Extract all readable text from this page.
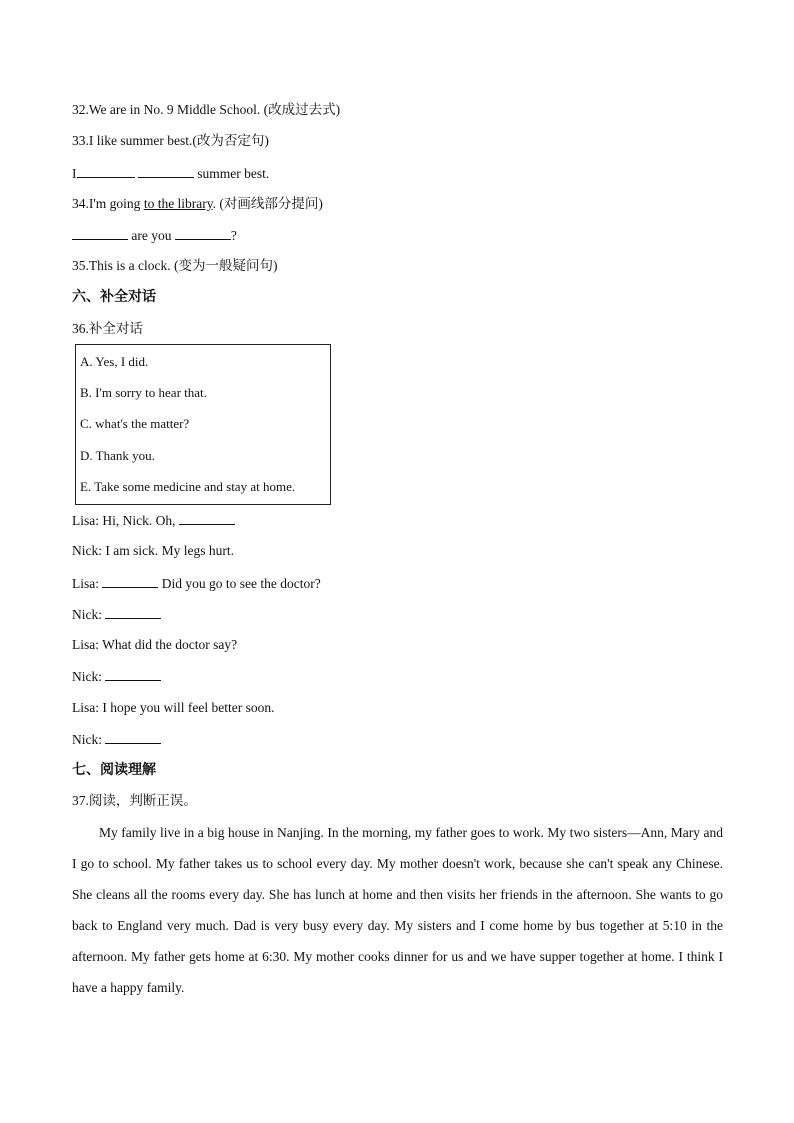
32.We are in No. 9 Middle School. (改成过去式)
33.I like summer best.(改为否定句)
I	summer best.
34.I'm going to the library. (对画线部分提问)
are you	?
35.This is a clock. (变为一般疑问句)
六、补全对话
36.补全对话
A. Yes, I did.
B. I'm sorry to hear that.
C. what's the matter?
D. Thank you.
E. Take some medicine and stay at home.
Lisa: Hi, Nick. Oh,
Nick: I am sick. My legs hurt.
Lisa:	Did you go to see the doctor?
Nick:
Lisa: What did the doctor say?
Nick:
Lisa: I hope you will feel better soon.
Nick:
七、阅读理解
37.阅读，判断正误。
My family live in a big house in Nanjing. In the morning, my father goes to work. My two sisters—Ann, Mary and I go to school. My father takes us to school every day. My mother doesn't work, because she can't speak any Chinese. She cleans all the rooms every day. She has lunch at home and then visits her friends in the afternoon. She wants to go back to England very much. Dad is very busy every day. My sisters and I come home by bus together at 5:10 in the afternoon. My father gets home at 6:30. My mother cooks dinner for us and we have supper together at home. I think I have a happy family.
